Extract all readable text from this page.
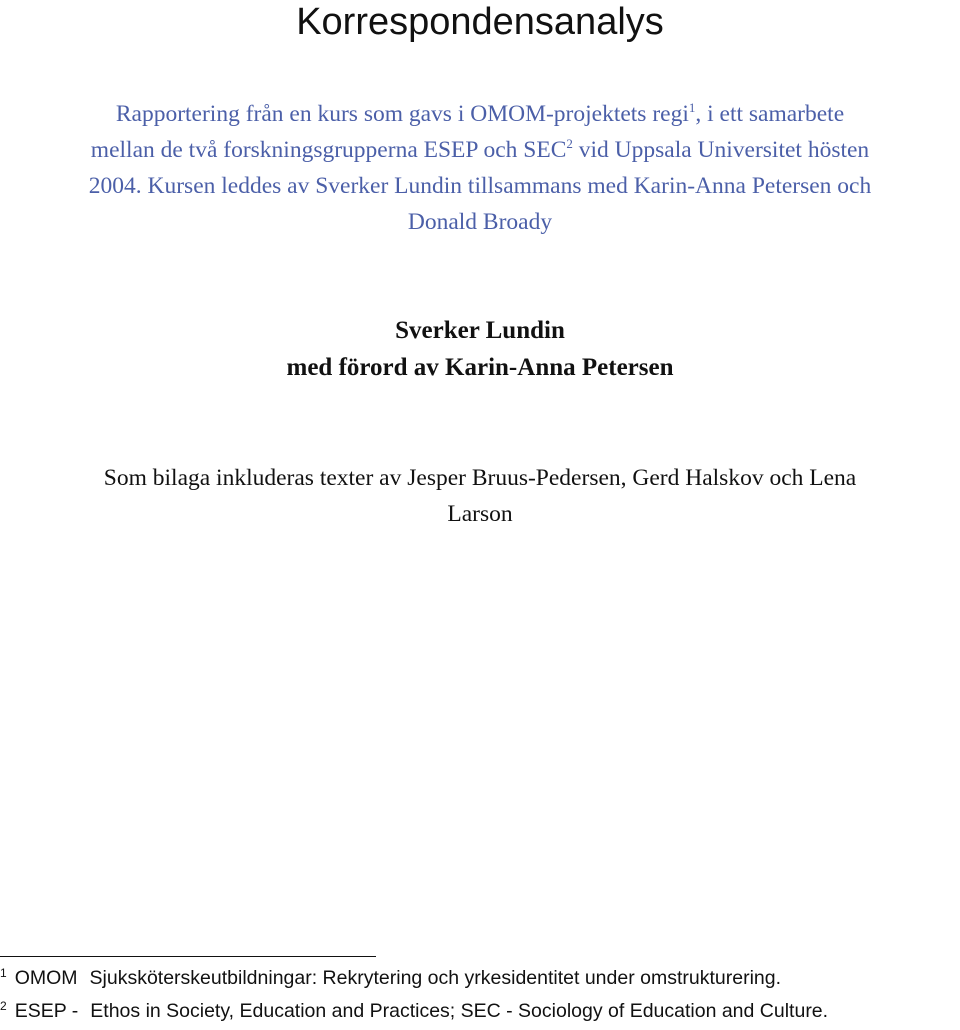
Korrespondensanalys
Rapportering från en kurs som gavs i OMOM-projektets regi$^1$, i ett samarbete
mellan de två forskningsgrupperna ESEP och SEC$^2$ vid Uppsala Universitet hösten
2004. Kursen leddes av Sverker Lundin tillsammans med Karin-Anna Petersen och
Donald Broady
Sverker Lundin
med förord av Karin-Anna Petersen
Som bilaga inkluderas texter av Jesper Bruus-Pedersen, Gerd Halskov och Lena
Larson
$^1$ OMOM Sjuksköterskeutbildningar: Rekrytering och yrkesidentitet under omstrukturering.
$^2$ ESEP - Ethos in Society, Education and Practices; SEC - Sociology of Education and Culture.
